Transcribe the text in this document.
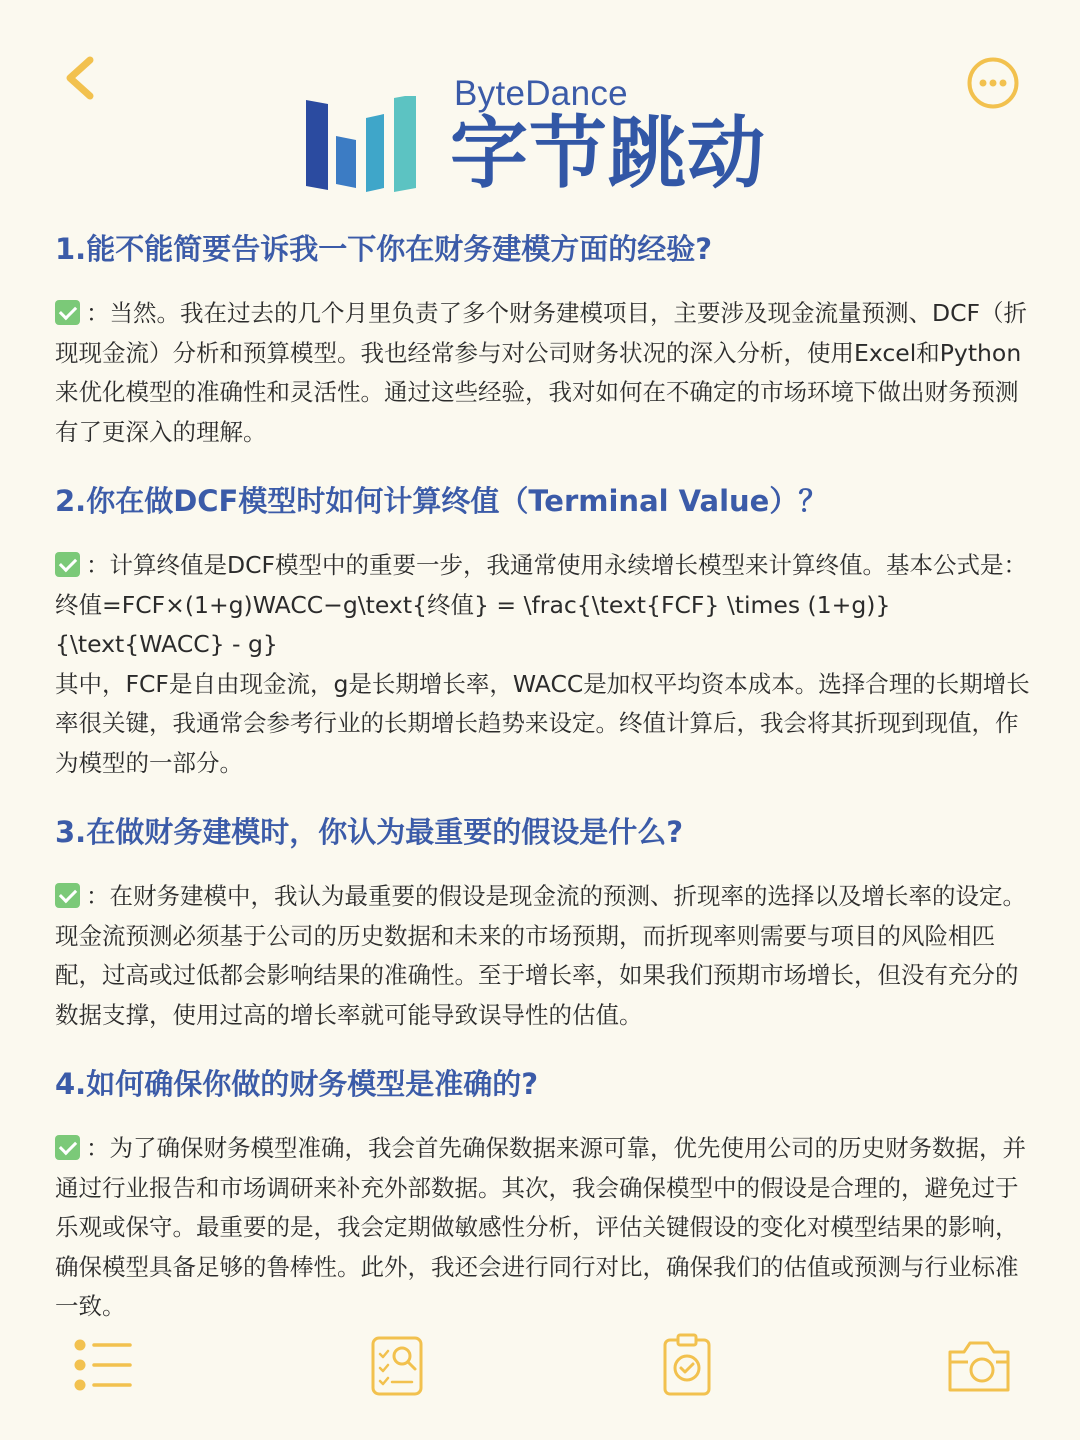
ByteDance
字节跳动
1.能不能简要告诉我一下你在财务建模方面的经验?

：当然。我在过去的几个月里负责了多个财务建模项目，主要涉及现金流量预测、DCF（折现现金流）分析和预算模型。我也经常参与对公司财务状况的深入分析，使用Excel和Python来优化模型的准确性和灵活性。通过这些经验，我对如何在不确定的市场环境下做出财务预测有了更深入的理解。

2.你在做DCF模型时如何计算终值（Terminal Value）？

：计算终值是DCF模型中的重要一步，我通常使用永续增长模型来计算终值。基本公式是：终值=FCF×(1+g)WACC−g\text{终值} = \frac{\text{FCF} \times (1+g)}{\text{WACC} - g}
其中，FCF是自由现金流，g是长期增长率，WACC是加权平均资本成本。选择合理的长期增长率很关键，我通常会参考行业的长期增长趋势来设定。终值计算后，我会将其折现到现值，作为模型的一部分。

3.在做财务建模时，你认为最重要的假设是什么?

：在财务建模中，我认为最重要的假设是现金流的预测、折现率的选择以及增长率的设定。现金流预测必须基于公司的历史数据和未来的市场预期，而折现率则需要与项目的风险相匹配，过高或过低都会影响结果的准确性。至于增长率，如果我们预期市场增长，但没有充分的数据支撑，使用过高的增长率就可能导致误导性的估值。

4.如何确保你做的财务模型是准确的?

：为了确保财务模型准确，我会首先确保数据来源可靠，优先使用公司的历史财务数据，并通过行业报告和市场调研来补充外部数据。其次，我会确保模型中的假设是合理的，避免过于乐观或保守。最重要的是，我会定期做敏感性分析，评估关键假设的变化对模型结果的影响，确保模型具备足够的鲁棒性。此外，我还会进行同行对比，确保我们的估值或预测与行业标准一致。
